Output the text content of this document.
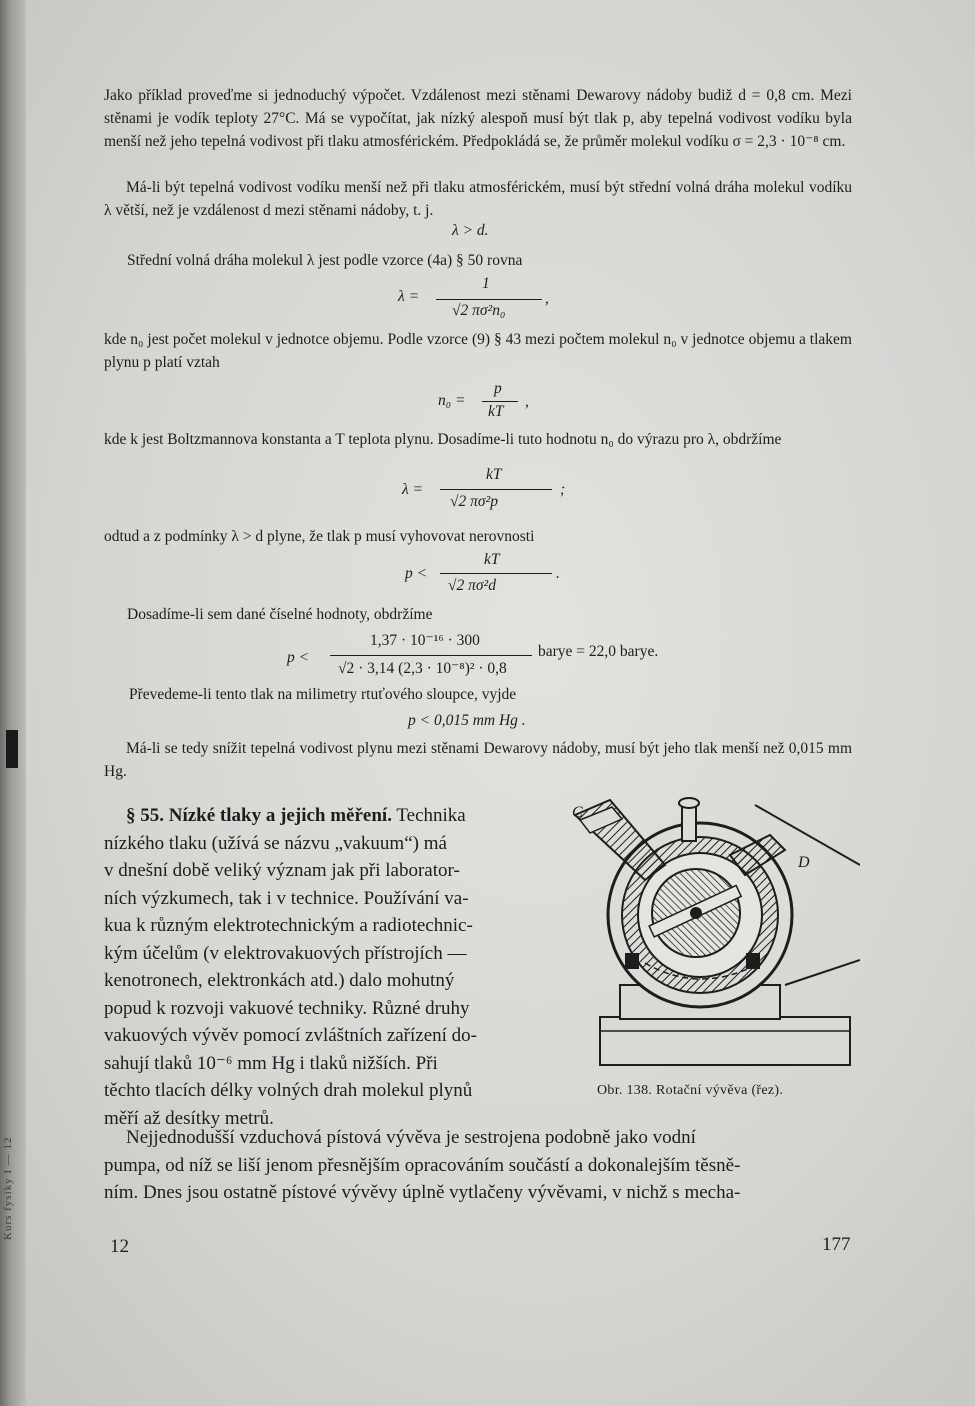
Kurs fysiky I — 12
Jako příklad proveďme si jednoduchý výpočet. Vzdálenost mezi stěnami Dewarovy nádoby budiž d = 0,8 cm. Mezi stěnami je vodík teploty 27°C. Má se vypočítat, jak nízký alespoň musí být tlak p, aby tepelná vodivost vodíku byla menší než jeho tepelná vodivost při tlaku atmosférickém. Předpokládá se, že průměr molekul vodíku σ = 2,3 · 10⁻⁸ cm.
Má-li být tepelná vodivost vodíku menší než při tlaku atmosférickém, musí být střední volná dráha molekul vodíku λ větší, než je vzdálenost d mezi stěnami nádoby, t. j.
λ > d.
Střední volná dráha molekul λ jest podle vzorce (4a) § 50 rovna
λ =
1
√2 πσ²n₀
,
kde n₀ jest počet molekul v jednotce objemu. Podle vzorce (9) § 43 mezi počtem molekul n₀ v jednotce objemu a tlakem plynu p platí vztah
n₀ =
p
kT
,
kde k jest Boltzmannova konstanta a T teplota plynu. Dosadíme-li tuto hodnotu n₀ do výrazu pro λ, obdržíme
λ =
kT
√2 πσ²p
;
odtud a z podmínky λ > d plyne, že tlak p musí vyhovovat nerovnosti
p <
kT
√2 πσ²d
.
Dosadíme-li sem dané číselné hodnoty, obdržíme
p <
1,37 · 10⁻¹⁶ · 300
√2 · 3,14 (2,3 · 10⁻⁸)² · 0,8
barye = 22,0 barye.
Převedeme-li tento tlak na milimetry rtuťového sloupce, vyjde
p < 0,015 mm Hg .
Má-li se tedy snížit tepelná vodivost plynu mezi stěnami Dewarovy nádoby, musí být jeho tlak menší než 0,015 mm Hg.
§ 55. Nízké tlaky a jejich měření. Technika
nízkého tlaku (užívá se názvu „vakuum“) má
v dnešní době veliký význam jak při laborator-
ních výzkumech, tak i v technice. Používání va-
kua k různým elektrotechnickým a radiotechnic-
kým účelům (v elektrovakuových přístrojích —
kenotronech, elektronkách atd.) dalo mohutný
popud k rozvoji vakuové techniky. Různé druhy
vakuových vývěv pomocí zvláštních zařízení do-
sahují tlaků 10⁻⁶ mm Hg i tlaků nižších. Při
těchto tlacích délky volných drah molekul plynů
měří až desítky metrů.
Nejjednodušší vzduchová pístová vývěva je sestrojena podobně jako vodní
pumpa, od níž se liší jenom přesnějším opracováním součástí a dokonalejším těsně-
ním. Dnes jsou ostatně pístové vývěvy úplně vytlačeny vývěvami, v nichž s mecha-
C
D
Obr. 138. Rotační vývěva (řez).
12	177
